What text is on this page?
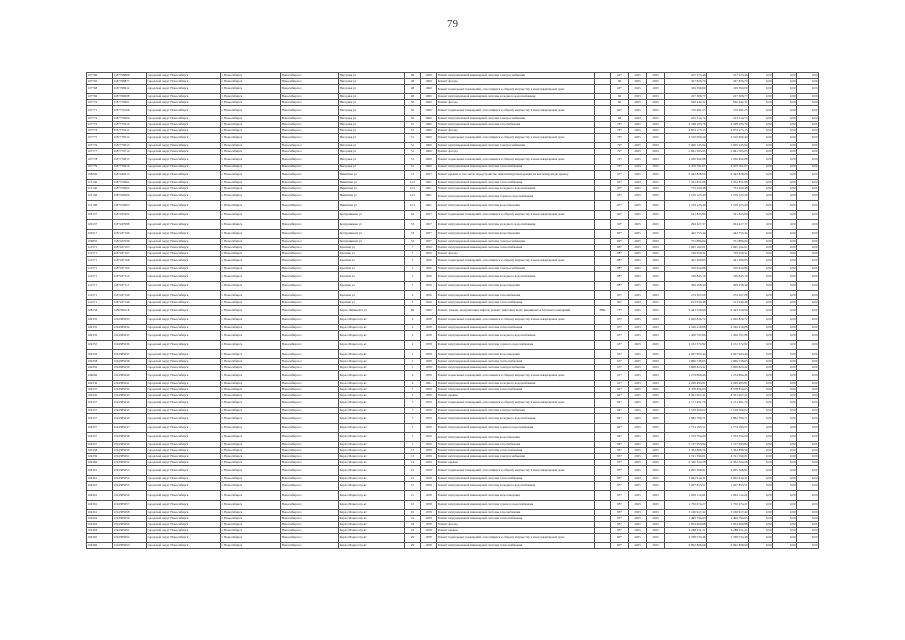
79
107760	1187768809	городской округ Новосибирск	г. Новосибирск	Новосибирск г.	Нагорная ул	48	1960	Ремонт внутридомовой инженерной системы электроснабжения		60*	2025	2025	257 375,46	257 375,46	0,00	0,00	0,00
107765	1187768877	городской округ Новосибирск	г. Новосибирск	Новосибирск г.	Нагорная ул	48	1960	Ремонт фасада		60	2025	2025	327 826,70	327 826,70	0,00	0,00	0,00
107768	1187768912	городской округ Новосибирск	г. Новосибирск	Новосибирск г.	Нагорная ул	48	1960	Ремонт подвальных помещений, относящихся к общему имуществу в многоквартирном доме		60*	2025	2025	169 399,00	169 399,00	0,00	0,00	0,00
107769	1187769008	городской округ Новосибирск	г. Новосибирск	Новосибирск г.	Нагорная ул	48	1960	Ремонт внутридомовой инженерной системы холодного водоснабжения		60	2025	2025	227 308,77	227 308,77	0,00	0,00	0,00
107770	1187770001	городской округ Новосибирск	г. Новосибирск	Новосибирск г.	Нагорная ул	50	1960	Ремонт фасада		60	2025	2025	936 442,32	936 442,32	0,00	0,00	0,00
107771	1187770108	городской округ Новосибирск	г. Новосибирск	Новосибирск г.	Нагорная ул	50	1960	Ремонт подвальных помещений, относящихся к общему имуществу в многоквартирном доме		60*	2025	2025	170 281,25	170 281,25	0,00	0,00	0,00
107772	1187770209	городской округ Новосибирск	г. Новосибирск	Новосибирск г.	Нагорная ул	50	1960	Ремонт внутридомовой инженерной системы электроснабжения		60	2025	2025	233 514,74	233 514,74	0,00	0,00	0,00
107773	1187770310	городской округ Новосибирск	г. Новосибирск	Новосибирск г.	Нагорная ул	51	1960	Ремонт внутридомовой инженерной системы газоснабжения		79*	2025	2025	6 198 183,76	6 198 183,76	0,00	0,00	0,00
107774	1187770411	городской округ Новосибирск	г. Новосибирск	Новосибирск г.	Нагорная ул	51	1960	Ремонт фасада		79*	2025	2025	2 874 175,13	2 874 175,13	0,00	0,00	0,00
107775	1187770512	городской округ Новосибирск	г. Новосибирск	Новосибирск г.	Нагорная ул	51	1960	Ремонт подвальных помещений, относящихся к общему имуществу в многоквартирном доме		79*	2025	2025	2 510 609,40	2 510 609,40	0,00	0,00	0,00
107776	1187770613	городской округ Новосибирск	г. Новосибирск	Новосибирск г.	Нагорная ул	51	1960	Ремонт внутридомовой инженерной системы электроснабжения		79*	2025	2025	3 609 145,94	3 609 145,94	0,00	0,00	0,00
107777	1187770714	городской округ Новосибирск	г. Новосибирск	Новосибирск г.	Нагорная ул	51	1960	Ремонт фасада		79*	2025	2025	2 841 593,05	2 841 593,05	0,00	0,00	0,00
107778	1187770815	городской округ Новосибирск	г. Новосибирск	Новосибирск г.	Нагорная ул	51	1960	Ремонт подвальных помещений, относящихся к общему имуществу в многоквартирном доме		79*	2025	2025	1 036 992,88	1 036 992,88	0,00	0,00	0,00
107779	1187770916	городской округ Новосибирск	г. Новосибирск	Новосибирск г.	Нагорная ул	51	1960	Ремонт внутридомовой инженерной системы теплоснабжения		79*	2025	2025	2 479 701,07	2 479 701,07	0,00	0,00	0,00
108200	1187440913	городской округ Новосибирск	г. Новосибирск	Новосибирск г.	Никитина ул	12	1957	Ремонт крыши, в том числе переустройство невентилируемой крыши на вентилируемую крышу		67*	2025	2025	9 442 828,06	9 442 828,06	0,00	0,00	0,00
115136	1187370601	городской округ Новосибирск	г. Новосибирск	Новосибирск г.	Никитина ул	12/1	1961	Ремонт внутридомовой инженерной системы теплоснабжения		63*	2025	2025	1 352 851,86	1 352 851,86	0,00	0,00	0,00
115146	1187370602	городской округ Новосибирск	г. Новосибирск	Новосибирск г.	Никитина ул	12/1	1961	Ремонт внутридомовой инженерной системы холодного водоснабжения		63*	2025	2025	753 420,48	753 420,48	0,00	0,00	0,00
115158	1187320006	городской округ Новосибирск	г. Новосибирск	Новосибирск г.	Никитина ул	12/1	1961	Ремонт внутридомовой инженерной системы горячего водоснабжения		63*	2025	2025	1 159 125,40	1 159 125,40	0,00	0,00	0,00
115168	1187370603	городской округ Новосибирск	г. Новосибирск	Новосибирск г.	Никитина ул	12/1	1961	Ремонт внутридомовой инженерной системы водоотведения		63*	2025	2025	1 159 125,40	1 159 125,40	0,00	0,00	0,00
106157	1187433202	городской округ Новосибирск	г. Новосибирск	Новосибирск г.	Кошурникова ул	44	1957	Ремонт подвальных помещений, относящихся к общему имуществу в многоквартирном доме		90*	2025	2025	541 823,80	541 823,80	0,00	0,00	0,00
106157	1187437098	городской округ Новосибирск	г. Новосибирск	Новосибирск г.	Кошурникова ул	53	1957	Ремонт внутридомовой инженерной системы холодного водоснабжения		90*	2025	2025	294 427,37	294 427,37	0,00	0,00	0,00
104517	1187437106	городской округ Новосибирск	г. Новосибирск	Новосибирск г.	Кошурникова ул	53	1957	Ремонт внутридомовой инженерной системы водоотведения		89*	2025	2025	442 755,44	442 755,44	0,00	0,00	0,00
106855	1187437039	городской округ Новосибирск	г. Новосибирск	Новосибирск г.	Кошурникова ул	53	1957	Ремонт внутридомовой инженерной системы электроснабжения		89*	2025	2025	751 886,04	751 886,04	0,00	0,00	0,00
112571	1187437103	городской округ Новосибирск	г. Новосибирск	Новосибирск г.	Красина ул	7	1956	Ремонт внутридомовой инженерной системы теплоснабжения		88*	2025	2025	1 845 162,01	1 845 162,01	0,00	0,00	0,00
112571	1187437107	городской округ Новосибирск	г. Новосибирск	Новосибирск г.	Красина ул	7	1956	Ремонт фасада		88*	2025	2025	729 059,41	729 059,41	0,00	0,00	0,00
112571	1187437108	городской округ Новосибирск	г. Новосибирск	Новосибирск г.	Красина ул	7	1956	Ремонт подвальных помещений, относящихся к общему имуществу в многоквартирном доме		88*	2025	2025	441 289,85	441 289,85	0,00	0,00	0,00
112571	1187437109	городской округ Новосибирск	г. Новосибирск	Новосибирск г.	Красина ул	7	1956	Ремонт внутридомовой инженерной системы электроснабжения		88*	2025	2025	556 624,86	556 624,86	0,00	0,00	0,00
112571	1187437110	городской округ Новосибирск	г. Новосибирск	Новосибирск г.	Красина ул	7	1956	Ремонт внутридомовой инженерной системы холодного водоснабжения		88*	2025	2025	196 845,16	196 845,16	0,00	0,00	0,00
112571	1187437111	городской округ Новосибирск	г. Новосибирск	Новосибирск г.	Красина ул	7	1956	Ремонт внутридомовой инженерной системы водоотведения		88*	2025	2025	209 258,40	209 258,40	0,00	0,00	0,00
112571	1187437199	городской округ Новосибирск	г. Новосибирск	Новосибирск г.	Красина ул	5	1956	Ремонт внутридомовой инженерной системы газоснабжения		83*	2025	2025	274 307,09	274 307,09	0,00	0,00	0,00
112571	1187437198	городской округ Новосибирск	г. Новосибирск	Новосибирск г.	Красина ул	5	1956	Ремонт внутридомовой инженерной системы теплоснабжения		83*	2025	2025	213 930,49	213 930,49	0,00	0,00	0,00
108158	1186396118	городской округ Новосибирск	г. Новосибирск	Новосибирск г.	Карла Либкнехта ул	99	1960	Ремонт, замена, модернизация лифтов, ремонт лифтовых шахт, машинных и блочных помещений	РВК	75*	2025	2025	9 443 529,96	9 443 529,96	0,00	0,00	0,00
104355	1194385033	городской округ Новосибирск	г. Новосибирск	Новосибирск г.	Карла Маркса пр-кт	2	1958	Ремонт подвальных помещений, относящихся к общему имуществу в многоквартирном доме		63*	2025	2025	2 620 826,72	2 620 826,72	0,00	0,00	0,00
104355	1194385034	городской округ Новосибирск	г. Новосибирск	Новосибирск г.	Карла Маркса пр-кт	2	1958	Ремонт внутридомовой инженерной системы теплоснабжения		63*	2025	2025	4 569 418,88	4 569 418,88	0,00	0,00	0,00
104355	1194385035	городской округ Новосибирск	г. Новосибирск	Новосибирск г.	Карла Маркса пр-кт	2	1958	Ремонт внутридомовой инженерной системы холодного водоснабжения		63*	2025	2025	1 456 797,86	1 456 797,86	0,00	0,00	0,00
104355	1194385036	городской округ Новосибирск	г. Новосибирск	Новосибирск г.	Карла Маркса пр-кт	2	1958	Ремонт внутридомовой инженерной системы горячего водоснабжения		63*	2025	2025	2 152 372,82	2 152 372,82	0,00	0,00	0,00
104356	1194385037	городской округ Новосибирск	г. Новосибирск	Новосибирск г.	Карла Маркса пр-кт	1	1958	Ремонт внутридомовой инженерной системы водоотведения		63*	2025	2025	2 667 963,44	2 667 963,44	0,00	0,00	0,00
104358	1194385038	городской округ Новосибирск	г. Новосибирск	Новосибирск г.	Карла Маркса пр-кт	1	1958	Ремонт внутридомовой инженерной системы теплоснабжения		63*	2025	2025	1 896 738,03	1 896 738,03	0,00	0,00	0,00
104359	1194385039	городской округ Новосибирск	г. Новосибирск	Новосибирск г.	Карла Маркса пр-кт	1	1958	Ремонт внутридомовой инженерной системы электроснабжения		63*	2025	2025	3 808 823,42	3 808 823,42	0,00	0,00	0,00
104066	1194385040	городской округ Новосибирск	г. Новосибирск	Новосибирск г.	Карла Маркса пр-кт	6	1959	Ремонт подвальных помещений, относящихся к общему имуществу в многоквартирном доме		61*	2025	2025	1 274 866,46	1 274 866,46	0,00	0,00	0,00
104336	1194385041	городской округ Новосибирск	г. Новосибирск	Новосибирск г.	Карла Маркса пр-кт	6	1961	Ремонт внутридомовой инженерной системы холодного водоснабжения		61*	2025	2025	4 299 483,81	4 299 483,81	0,00	0,00	0,00
104337	1194385042	городской округ Новосибирск	г. Новосибирск	Новосибирск г.	Карла Маркса пр-кт	7	1959	Ремонт внутридомовой инженерной системы теплоснабжения		84*	2025	2025	8 378 854,63	8 378 854,63	0,00	0,00	0,00
104345	1194385043	городской округ Новосибирск	г. Новосибирск	Новосибирск г.	Карла Маркса пр-кт	7	1959	Ремонт крыши		84*	2025	2025	8 361 067,41	8 361 067,41	0,00	0,00	0,00
104357	1194385044	городской округ Новосибирск	г. Новосибирск	Новосибирск г.	Карла Маркса пр-кт	7	1959	Ремонт подвальных помещений, относящихся к общему имуществу в многоквартирном доме		84*	2025	2025	2 171 491,70	2 171 491,70	0,00	0,00	0,00
104357	1194385045	городской округ Новосибирск	г. Новосибирск	Новосибирск г.	Карла Маркса пр-кт	7	1959	Ремонт внутридомовой инженерной системы электроснабжения		84*	2025	2025	5 518 566,02	5 518 566,02	0,00	0,00	0,00
104357	1194385046	городской округ Новосибирск	г. Новосибирск	Новосибирск г.	Карла Маркса пр-кт	7	1959	Ремонт внутридомовой инженерной системы холодного водоснабжения		84*	2025	2025	1 882 780,71	1 882 780,71	0,00	0,00	0,00
104357	1194385047	городской округ Новосибирск	г. Новосибирск	Новосибирск г.	Карла Маркса пр-кт	7	1959	Ремонт внутридомовой инженерной системы горячего водоснабжения		84*	2025	2025	1 774 185,51	1 774 185,51	0,00	0,00	0,00
104357	1194385048	городской округ Новосибирск	г. Новосибирск	Новосибирск г.	Карла Маркса пр-кт	7	1959	Ремонт внутридомовой инженерной системы водоотведения		84*	2025	2025	1 703 794,09	1 703 794,09	0,00	0,00	0,00
104357	1194385049	городской округ Новосибирск	г. Новосибирск	Новосибирск г.	Карла Маркса пр-кт	7	1959	Ремонт внутридомовой инженерной системы газоснабжения		84*	2025	2025	5 137 593,84	5 137 593,84	0,00	0,00	0,00
104358	1194385050	городской округ Новосибирск	г. Новосибирск	Новосибирск г.	Карла Маркса пр-кт	13	1959	Ремонт внутридомовой инженерной системы теплоснабжения		85*	2025	2025	1 364 896,56	1 364 896,56	0,00	0,00	0,00
104359	1194385051	городской округ Новосибирск	г. Новосибирск	Новосибирск г.	Карла Маркса пр-кт	13	1959	Ремонт внутридомовой инженерной системы электроснабжения		85*	2025	2025	4 741 599,01	4 741 599,01	0,00	0,00	0,00
104360	1194385052	городской округ Новосибирск	г. Новосибирск	Новосибирск г.	Карла Маркса пр-кт	13	1959	Ремонт крыши		85*	2025	2025	6 332 324,28	6 332 324,28	0,00	0,00	0,00
104361	1194385053	городской округ Новосибирск	г. Новосибирск	Новосибирск г.	Карла Маркса пр-кт	15	1958	Ремонт подвальных помещений, относящихся к общему имуществу в многоквартирном доме		85*	2025	2025	2 205 368,81	2 205 368,81	0,00	0,00	0,00
104361	1194385054	городской округ Новосибирск	г. Новосибирск	Новосибирск г.	Карла Маркса пр-кт	15	1958	Ремонт внутридомовой инженерной системы теплоснабжения		85*	2025	2025	3 662 914,31	3 662 914,31	0,00	0,00	0,00
104361	1194385055	городской округ Новосибирск	г. Новосибирск	Новосибирск г.	Карла Маркса пр-кт	15	1958	Ремонт внутридомовой инженерной системы холодного водоснабжения		85*	2025	2025	1 207 853,51	1 207 853,51	0,00	0,00	0,00
104361	1194385056	городской округ Новосибирск	г. Новосибирск	Новосибирск г.	Карла Маркса пр-кт	15	1958	Ремонт внутридомовой инженерной системы водоотведения		85*	2025	2025	1 863 112,60	1 863 112,60	0,00	0,00	0,00
104361	1194385057	городской округ Новосибирск	г. Новосибирск	Новосибирск г.	Карла Маркса пр-кт	15	1958	Ремонт внутридомовой инженерной системы горячего водоснабжения		85*	2025	2025	1 750 674,27	1 750 674,27	0,00	0,00	0,00
104361	1194385058	городской округ Новосибирск	г. Новосибирск	Новосибирск г.	Карла Маркса пр-кт	16	1958	Ремонт внутридомовой инженерной системы газоснабжения		85*	2025	2025	3 160 917,42	3 160 917,42	0,00	0,00	0,00
104362	1194385059	городской округ Новосибирск	г. Новосибирск	Новосибирск г.	Карла Маркса пр-кт	16	1958	Ремонт внутридомовой инженерной системы теплоснабжения		85*	2025	2025	1 499 794,93	1 499 794,93	0,00	0,00	0,00
104363	1194385060	городской округ Новосибирск	г. Новосибирск	Новосибирск г.	Карла Маркса пр-кт	24	1958	Ремонт фасада		85*	2025	2025	1 854 969,88	1 854 969,88	0,00	0,00	0,00
104364	1194385061	городской округ Новосибирск	г. Новосибирск	Новосибирск г.	Карла Маркса пр-кт	24	1958	Ремонт крыши		85*	2025	2025	6 288 911,21	6 288 911,21	0,00	0,00	0,00
104365	1194385062	городской округ Новосибирск	г. Новосибирск	Новосибирск г.	Карла Маркса пр-кт	29	1958	Ремонт подвальных помещений, относящихся к общему имуществу в многоквартирном доме		80*	2025	2025	2 338 533,48	2 338 533,48	0,00	0,00	0,00
104366	1194385063	городской округ Новосибирск	г. Новосибирск	Новосибирск г.	Карла Маркса пр-кт	29	1958	Ремонт внутридомовой инженерной системы теплоснабжения		80*	2025	2025	6 892 808,69	6 892 808,69	0,00	0,00	0,00
